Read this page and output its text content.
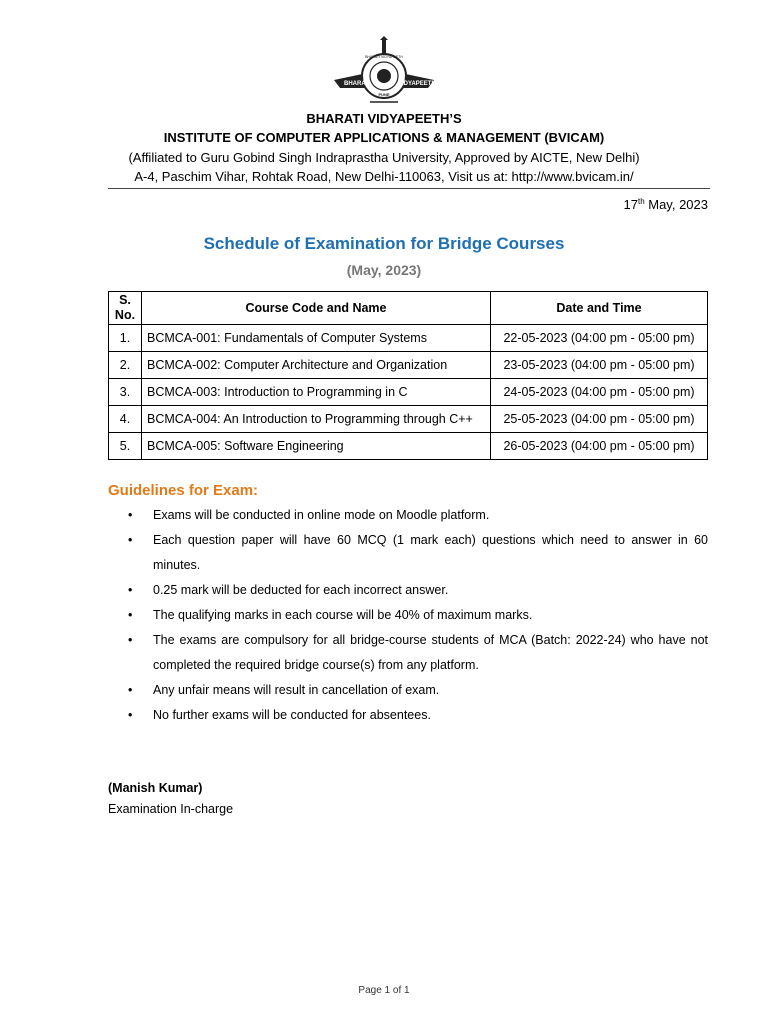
BHARATI	VIDYAPEETH
BHARATI VIDYAPEETH
PUNE
BHARATI VIDYAPEETH’S
INSTITUTE OF COMPUTER APPLICATIONS & MANAGEMENT (BVICAM)
(Affiliated to Guru Gobind Singh Indraprastha University, Approved by AICTE, New Delhi)
A-4, Paschim Vihar, Rohtak Road, New Delhi-110063, Visit us at: http://www.bvicam.in/
17th May, 2023
Schedule of Examination for Bridge Courses
(May, 2023)
S. No.	Course Code and Name	Date and Time
1.	BCMCA-001: Fundamentals of Computer Systems	22-05-2023 (04:00 pm - 05:00 pm)
2.	BCMCA-002: Computer Architecture and Organization	23-05-2023 (04:00 pm - 05:00 pm)
3.	BCMCA-003: Introduction to Programming in C	24-05-2023 (04:00 pm - 05:00 pm)
4.	BCMCA-004: An Introduction to Programming through C++	25-05-2023 (04:00 pm - 05:00 pm)
5.	BCMCA-005: Software Engineering	26-05-2023 (04:00 pm - 05:00 pm)
Guidelines for Exam:
• Exams will be conducted in online mode on Moodle platform.
• Each question paper will have 60 MCQ (1 mark each) questions which need to answer in 60 minutes.
• 0.25 mark will be deducted for each incorrect answer.
• The qualifying marks in each course will be 40% of maximum marks.
• The exams are compulsory for all bridge-course students of MCA (Batch: 2022-24) who have not completed the required bridge course(s) from any platform.
• Any unfair means will result in cancellation of exam.
• No further exams will be conducted for absentees.
(Manish Kumar)
Examination In-charge
Page 1 of 1
